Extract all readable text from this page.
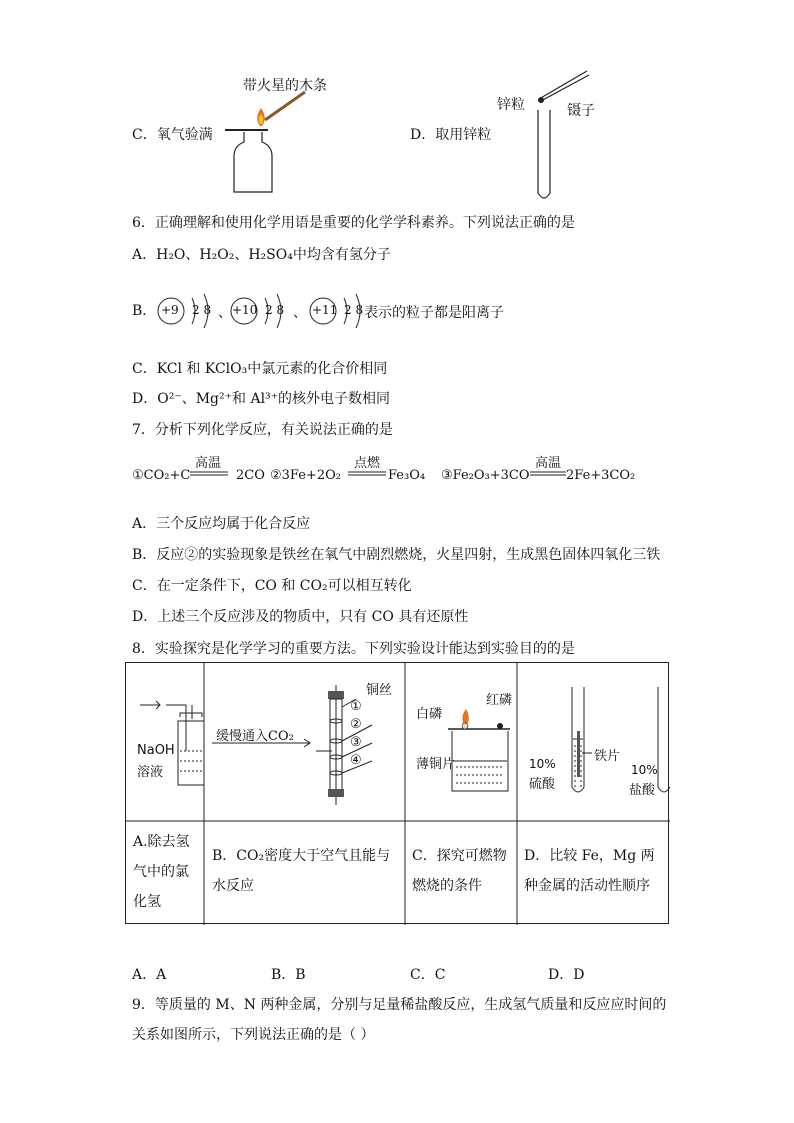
带火星的木条
C．氧气验满
锌粒	镊子
D．取用锌粒
6．正确理解和使用化学用语是重要的化学学科素养。下列说法正确的是
A．H₂O、H₂O₂、H₂SO₄中均含有氢分子
B． +9 2 8 、 +10 2 8 、 +11 2 8 表示的粒子都是阳离子
C．KCl 和 KClO₃中氯元素的化合价相同
D．O²⁻、Mg²⁺和 Al³⁺的核外电子数相同
7．分析下列化学反应，有关说法正确的是
①CO₂+C
高温
2CO ②3Fe+2O₂
点燃
Fe₃O₄ ③Fe₂O₃+3CO
高温
2Fe+3CO₂
A．三个反应均属于化合反应
B．反应②的实验现象是铁丝在氧气中剧烈燃烧，火星四射，生成黑色固体四氧化三铁
C．在一定条件下，CO 和 CO₂可以相互转化
D．上述三个反应涉及的物质中，只有 CO 具有还原性
8．实验探究是化学学习的重要方法。下列实验设计能达到实验目的的是
NaOH
溶液
缓慢通入CO₂
铜丝
①
②
③
④
红磷
白磷
薄铜片
铁片
10%
硫酸
10%
盐酸
A.除去氢气中的氯化氢
B．CO₂密度大于空气且能与水反应
C．探究可燃物燃烧的条件
D．比较 Fe，Mg 两种金属的活动性顺序
A．A	B．B	C．C	D．D
9．等质量的 M、N 两种金属，分别与足量稀盐酸反应，生成氢气质量和反应应时间的
关系如图所示，下列说法正确的是（ ）
